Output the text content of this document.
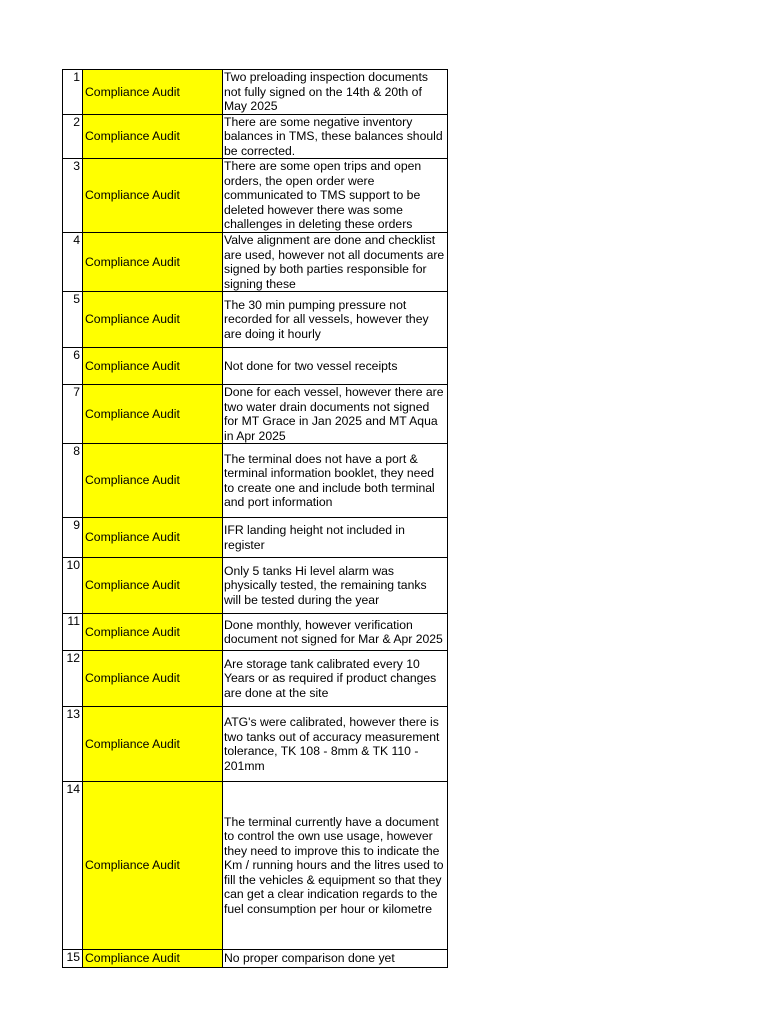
1	Compliance Audit	Two preloading inspection documents not fully signed on the 14th & 20th of May 2025

2	Compliance Audit	There are some negative inventory balances in TMS, these balances should be corrected.

3	Compliance Audit	There are some open trips and open orders, the open order were communicated to TMS support to be deleted however there was some challenges in deleting these orders

4	Compliance Audit	Valve alignment are done and checklist are used, however not all documents are signed by both parties responsible for signing these

5	Compliance Audit	The 30 min pumping pressure not recorded for all vessels, however they are doing it hourly

6	Compliance Audit	Not done for two vessel receipts

7	Compliance Audit	Done for each vessel, however there are two water drain documents not signed for MT Grace in Jan 2025 and MT Aqua in Apr 2025

8	Compliance Audit	The terminal does not have a port & terminal information booklet, they need to create one and include both terminal and port information

9	Compliance Audit	IFR landing height not included in register

10	Compliance Audit	Only 5 tanks Hi level alarm was physically tested, the remaining tanks will be tested during the year

11	Compliance Audit	Done monthly, however verification document not signed for Mar & Apr 2025

12	Compliance Audit	Are storage tank calibrated every 10 Years or as required if product changes are done at the site

13	Compliance Audit	ATG's were calibrated, however there is two tanks out of accuracy measurement tolerance, TK 108 - 8mm & TK 110 - 201mm

14	Compliance Audit	The terminal currently have a document to control the own use usage, however they need to improve this to indicate the Km / running hours and the litres used to fill the vehicles & equipment so that they can get a clear indication regards to the fuel consumption per hour or kilometre

15	Compliance Audit	No proper comparison done yet
